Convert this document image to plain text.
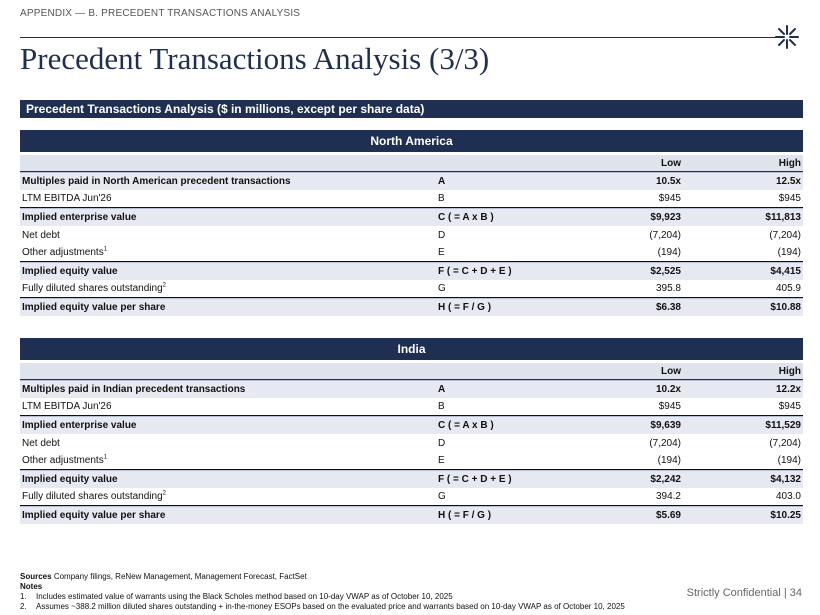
APPENDIX — B. PRECEDENT TRANSACTIONS ANALYSIS
Precedent Transactions Analysis (3/3)
Precedent Transactions Analysis ($ in millions, except per share data)
North America
Low	High
Multiples paid in North American precedent transactions	A	10.5x	12.5x
LTM EBITDA Jun'26	B	$945	$945
Implied enterprise value	C ( = A x B )	$9,923	$11,813
Net debt	D	(7,204)	(7,204)
Other adjustments$^1$	E	(194)	(194)
Implied equity value	F ( = C + D + E )	$2,525	$4,415
Fully diluted shares outstanding$^2$	G	395.8	405.9
Implied equity value per share	H ( = F / G )	$6.38	$10.88
India
Low	High
Multiples paid in Indian precedent transactions	A	10.2x	12.2x
LTM EBITDA Jun'26	B	$945	$945
Implied enterprise value	C ( = A x B )	$9,639	$11,529
Net debt	D	(7,204)	(7,204)
Other adjustments$^1$	E	(194)	(194)
Implied equity value	F ( = C + D + E )	$2,242	$4,132
Fully diluted shares outstanding$^2$	G	394.2	403.0
Implied equity value per share	H ( = F / G )	$5.69	$10.25
Sources Company filings, ReNew Management, Management Forecast, FactSet
Notes
1.	Includes estimated value of warrants using the Black Scholes method based on 10-day VWAP as of October 10, 2025
2.	Assumes ~388.2 million diluted shares outstanding + in-the-money ESOPs based on the evaluated price and warrants based on 10-day VWAP as of October 10, 2025
Strictly Confidential | 34
